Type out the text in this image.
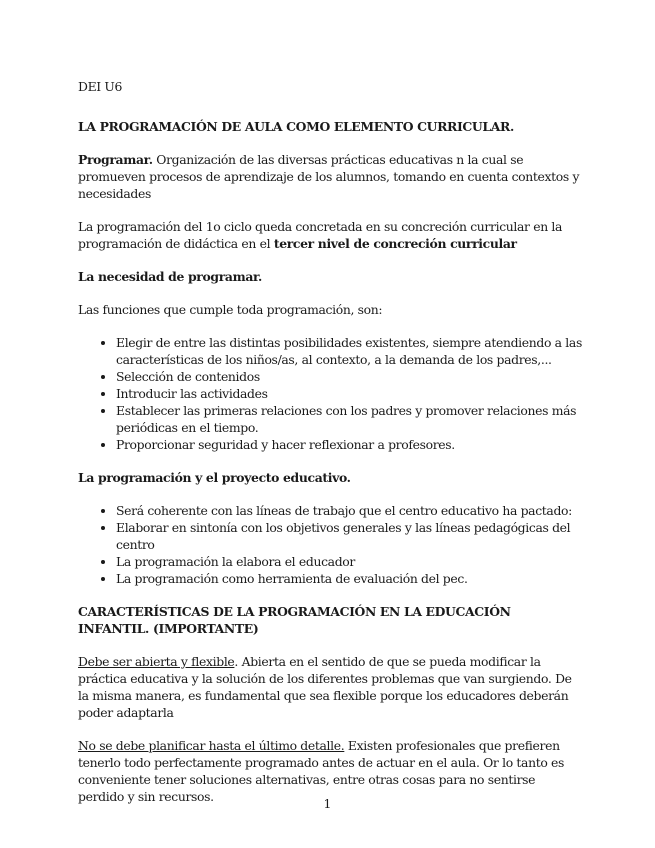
DEI U6

LA PROGRAMACIÓN DE AULA COMO ELEMENTO CURRICULAR.

Programar. Organización de las diversas prácticas educativas n la cual se promueven procesos de aprendizaje de los alumnos, tomando en cuenta contextos y necesidades

La programación del 1o ciclo queda concretada en su concreción curricular en la programación de didáctica en el tercer nivel de concreción curricular

La necesidad de programar.

Las funciones que cumple toda programación, son:

• Elegir de entre las distintas posibilidades existentes, siempre atendiendo a las características de los niños/as, al contexto, a la demanda de los padres,...
• Selección de contenidos
• Introducir las actividades
• Establecer las primeras relaciones con los padres y promover relaciones más periódicas en el tiempo.
• Proporcionar seguridad y hacer reflexionar a profesores.

La programación y el proyecto educativo.

• Será coherente con las líneas de trabajo que el centro educativo ha pactado:
• Elaborar en sintonía con los objetivos generales y las líneas pedagógicas del centro
• La programación la elabora el educador
• La programación como herramienta de evaluación del pec.

CARACTERÍSTICAS DE LA PROGRAMACIÓN EN LA EDUCACIÓN INFANTIL. (IMPORTANTE)

Debe ser abierta y flexible. Abierta en el sentido de que se pueda modificar la práctica educativa y la solución de los diferentes problemas que van surgiendo. De la misma manera, es fundamental que sea flexible porque los educadores deberán poder adaptarla

No se debe planificar hasta el último detalle. Existen profesionales que prefieren tenerlo todo perfectamente programado antes de actuar en el aula. Or lo tanto es conveniente tener soluciones alternativas, entre otras cosas para no sentirse perdido y sin recursos.	1
